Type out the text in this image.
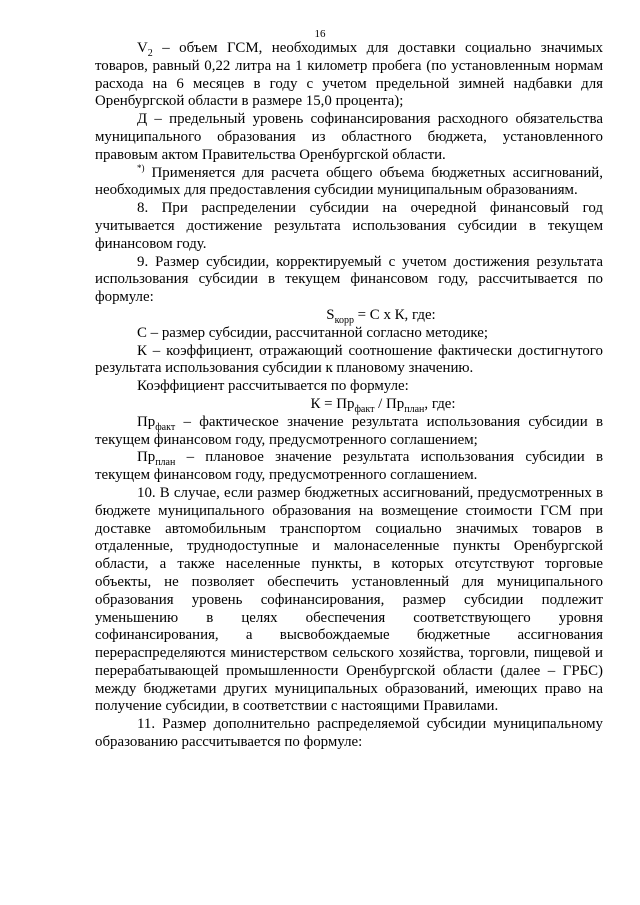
16

$V_2$ – объем ГСМ, необходимых для доставки социально значимых товаров, равный 0,22 литра на 1 километр пробега (по установленным нормам расхода на 6 месяцев в году с учетом предельной зимней надбавки для Оренбургской области в размере 15,0 процента);

Д – предельный уровень софинансирования расходного обязательства муниципального образования из областного бюджета, установленного правовым актом Правительства Оренбургской области.

*) Применяется для расчета общего объема бюджетных ассигнований, необходимых для предоставления субсидии муниципальным образованиям.

8. При распределении субсидии на очередной финансовый год учитывается достижение результата использования субсидии в текущем финансовом году.

9. Размер субсидии, корректируемый с учетом достижения результата использования субсидии в текущем финансовом году, рассчитывается по формуле:

$S_{корр} = С$ х К, где:

С – размер субсидии, рассчитанной согласно методике;

К – коэффициент, отражающий соотношение фактически достигнутого результата использования субсидии к плановому значению.

Коэффициент рассчитывается по формуле:

$К = Пр_{факт} / Пр_{план}$, где:

$Пр_{факт}$ – фактическое значение результата использования субсидии в текущем финансовом году, предусмотренного соглашением;

$Пр_{план}$ – плановое значение результата использования субсидии в текущем финансовом году, предусмотренного соглашением.

10. В случае, если размер бюджетных ассигнований, предусмотренных в бюджете муниципального образования на возмещение стоимости ГСМ при доставке автомобильным транспортом социально значимых товаров в отдаленные, труднодоступные и малонаселенные пункты Оренбургской области, а также населенные пункты, в которых отсутствуют торговые объекты, не позволяет обеспечить установленный для муниципального образования уровень софинансирования, размер субсидии подлежит уменьшению в целях обеспечения соответствующего уровня софинансирования, а высвобождаемые бюджетные ассигнования перераспределяются министерством сельского хозяйства, торговли, пищевой и перерабатывающей промышленности Оренбургской области (далее – ГРБС) между бюджетами других муниципальных образований, имеющих право на получение субсидии, в соответствии с настоящими Правилами.

11. Размер дополнительно распределяемой субсидии муниципальному образованию рассчитывается по формуле:
